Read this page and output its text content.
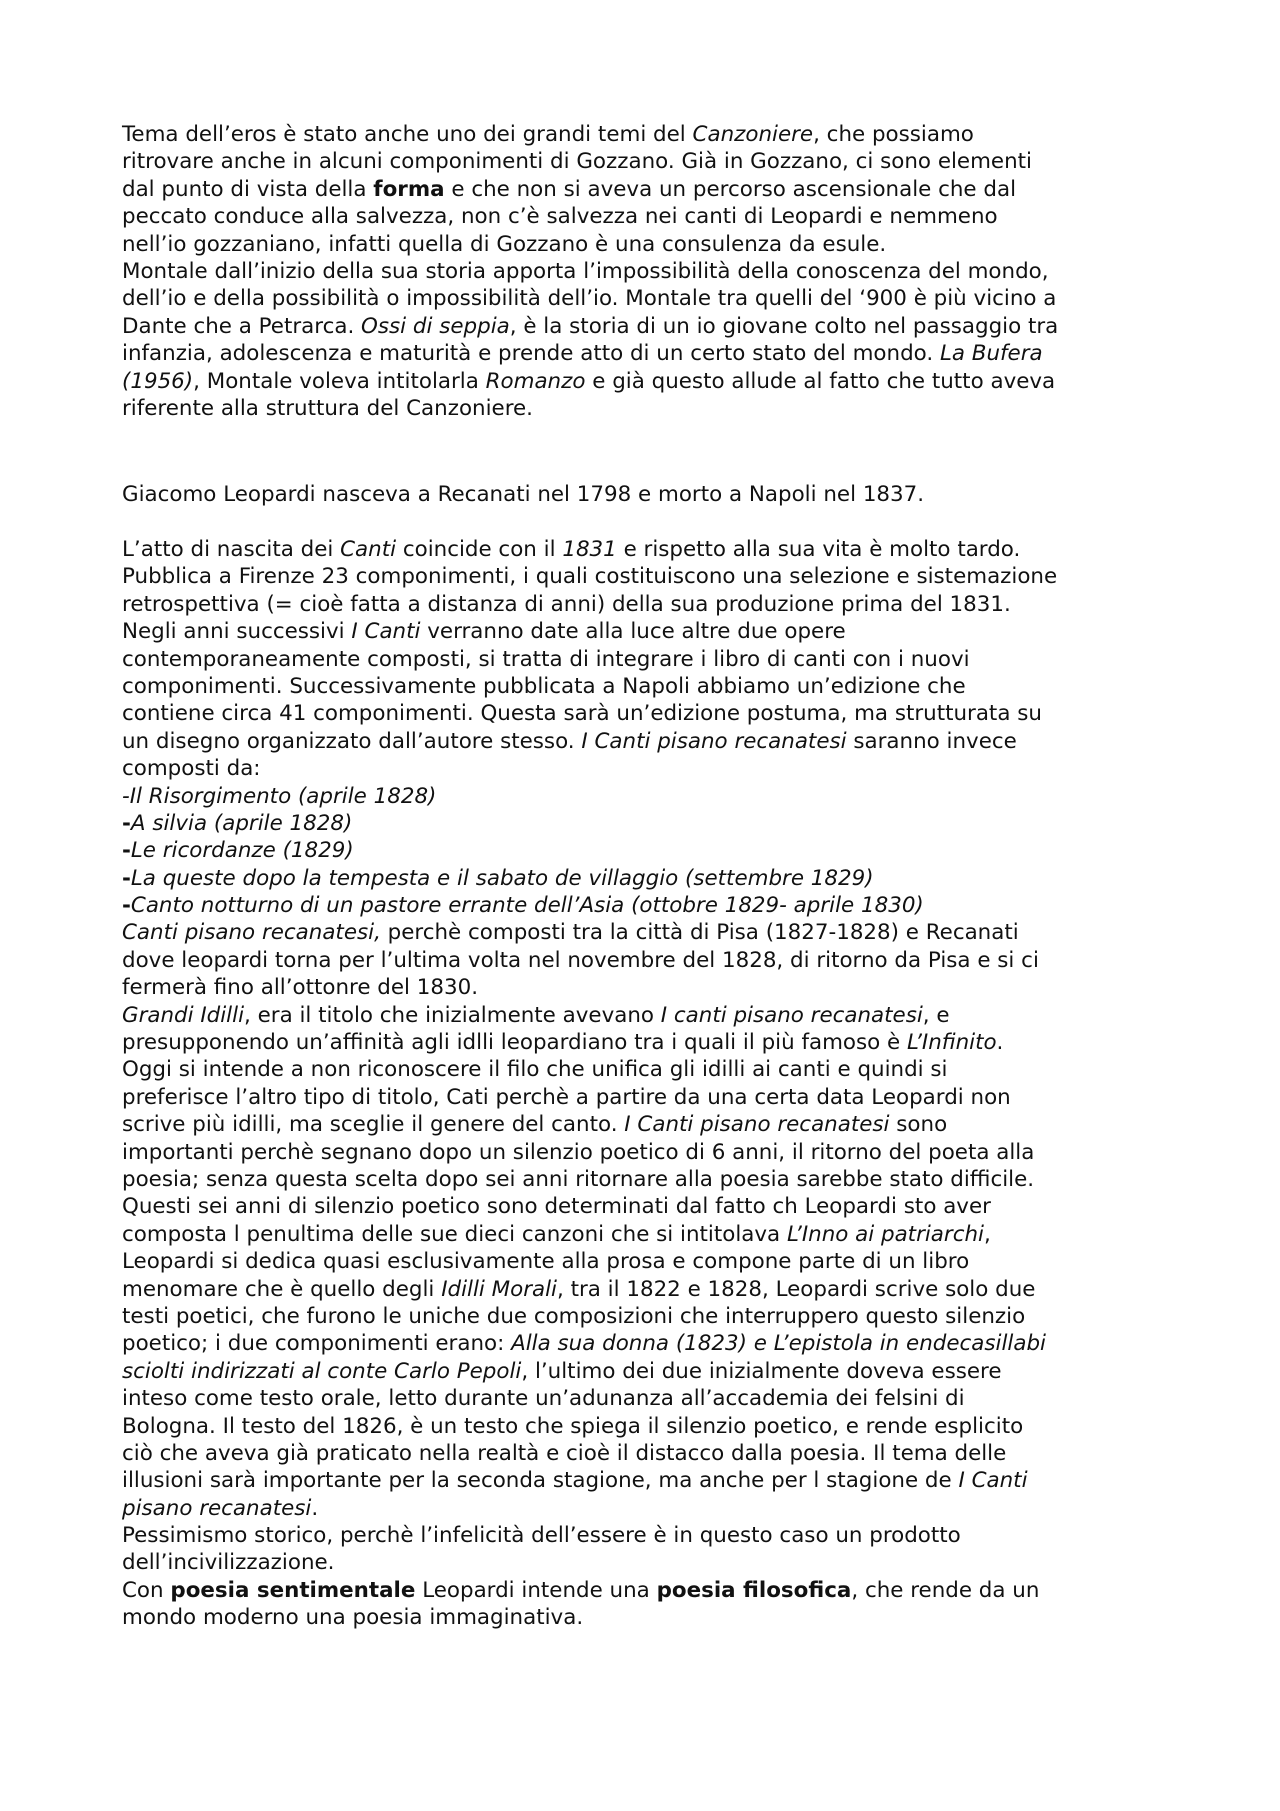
Tema dell’eros è stato anche uno dei grandi temi del Canzoniere, che possiamo
ritrovare anche in alcuni componimenti di Gozzano. Già in Gozzano, ci sono elementi
dal punto di vista della forma e che non si aveva un percorso ascensionale che dal
peccato conduce alla salvezza, non c’è salvezza nei canti di Leopardi e nemmeno
nell’io gozzaniano, infatti quella di Gozzano è una consulenza da esule.
Montale dall’inizio della sua storia apporta l’impossibilità della conoscenza del mondo,
dell’io e della possibilità o impossibilità dell’io. Montale tra quelli del ‘900 è più vicino a
Dante che a Petrarca. Ossi di seppia, è la storia di un io giovane colto nel passaggio tra
infanzia, adolescenza e maturità e prende atto di un certo stato del mondo. La Bufera
(1956), Montale voleva intitolarla Romanzo e già questo allude al fatto che tutto aveva
riferente alla struttura del Canzoniere.
Giacomo Leopardi nasceva a Recanati nel 1798 e morto a Napoli nel 1837.
L’atto di nascita dei Canti coincide con il 1831 e rispetto alla sua vita è molto tardo.
Pubblica a Firenze 23 componimenti, i quali costituiscono una selezione e sistemazione
retrospettiva (= cioè fatta a distanza di anni) della sua produzione prima del 1831.
Negli anni successivi I Canti verranno date alla luce altre due opere
contemporaneamente composti, si tratta di integrare i libro di canti con i nuovi
componimenti. Successivamente pubblicata a Napoli abbiamo un’edizione che
contiene circa 41 componimenti. Questa sarà un’edizione postuma, ma strutturata su
un disegno organizzato dall’autore stesso. I Canti pisano recanatesi saranno invece
composti da:
-Il Risorgimento (aprile 1828)
-A silvia (aprile 1828)
-Le ricordanze (1829)
-La queste dopo la tempesta e il sabato de villaggio (settembre 1829)
-Canto notturno di un pastore errante dell’Asia (ottobre 1829- aprile 1830)
Canti pisano recanatesi, perchè composti tra la città di Pisa (1827-1828) e Recanati
dove leopardi torna per l’ultima volta nel novembre del 1828, di ritorno da Pisa e si ci
fermerà fino all’ottonre del 1830.
Grandi Idilli, era il titolo che inizialmente avevano I canti pisano recanatesi, e
presupponendo un’affinità agli idlli leopardiano tra i quali il più famoso è L’Infinito.
Oggi si intende a non riconoscere il filo che unifica gli idilli ai canti e quindi si
preferisce l’altro tipo di titolo, Cati perchè a partire da una certa data Leopardi non
scrive più idilli, ma sceglie il genere del canto. I Canti pisano recanatesi sono
importanti perchè segnano dopo un silenzio poetico di 6 anni, il ritorno del poeta alla
poesia; senza questa scelta dopo sei anni ritornare alla poesia sarebbe stato difficile.
Questi sei anni di silenzio poetico sono determinati dal fatto ch Leopardi sto aver
composta l penultima delle sue dieci canzoni che si intitolava L’Inno ai patriarchi,
Leopardi si dedica quasi esclusivamente alla prosa e compone parte di un libro
menomare che è quello degli Idilli Morali, tra il 1822 e 1828, Leopardi scrive solo due
testi poetici, che furono le uniche due composizioni che interruppero questo silenzio
poetico; i due componimenti erano: Alla sua donna (1823) e L’epistola in endecasillabi
sciolti indirizzati al conte Carlo Pepoli, l’ultimo dei due inizialmente doveva essere
inteso come testo orale, letto durante un’adunanza all’accademia dei felsini di
Bologna. Il testo del 1826, è un testo che spiega il silenzio poetico, e rende esplicito
ciò che aveva già praticato nella realtà e cioè il distacco dalla poesia. Il tema delle
illusioni sarà importante per la seconda stagione, ma anche per l stagione de I Canti
pisano recanatesi.
Pessimismo storico, perchè l’infelicità dell’essere è in questo caso un prodotto
dell’incivilizzazione.
Con poesia sentimentale Leopardi intende una poesia filosofica, che rende da un
mondo moderno una poesia immaginativa.
